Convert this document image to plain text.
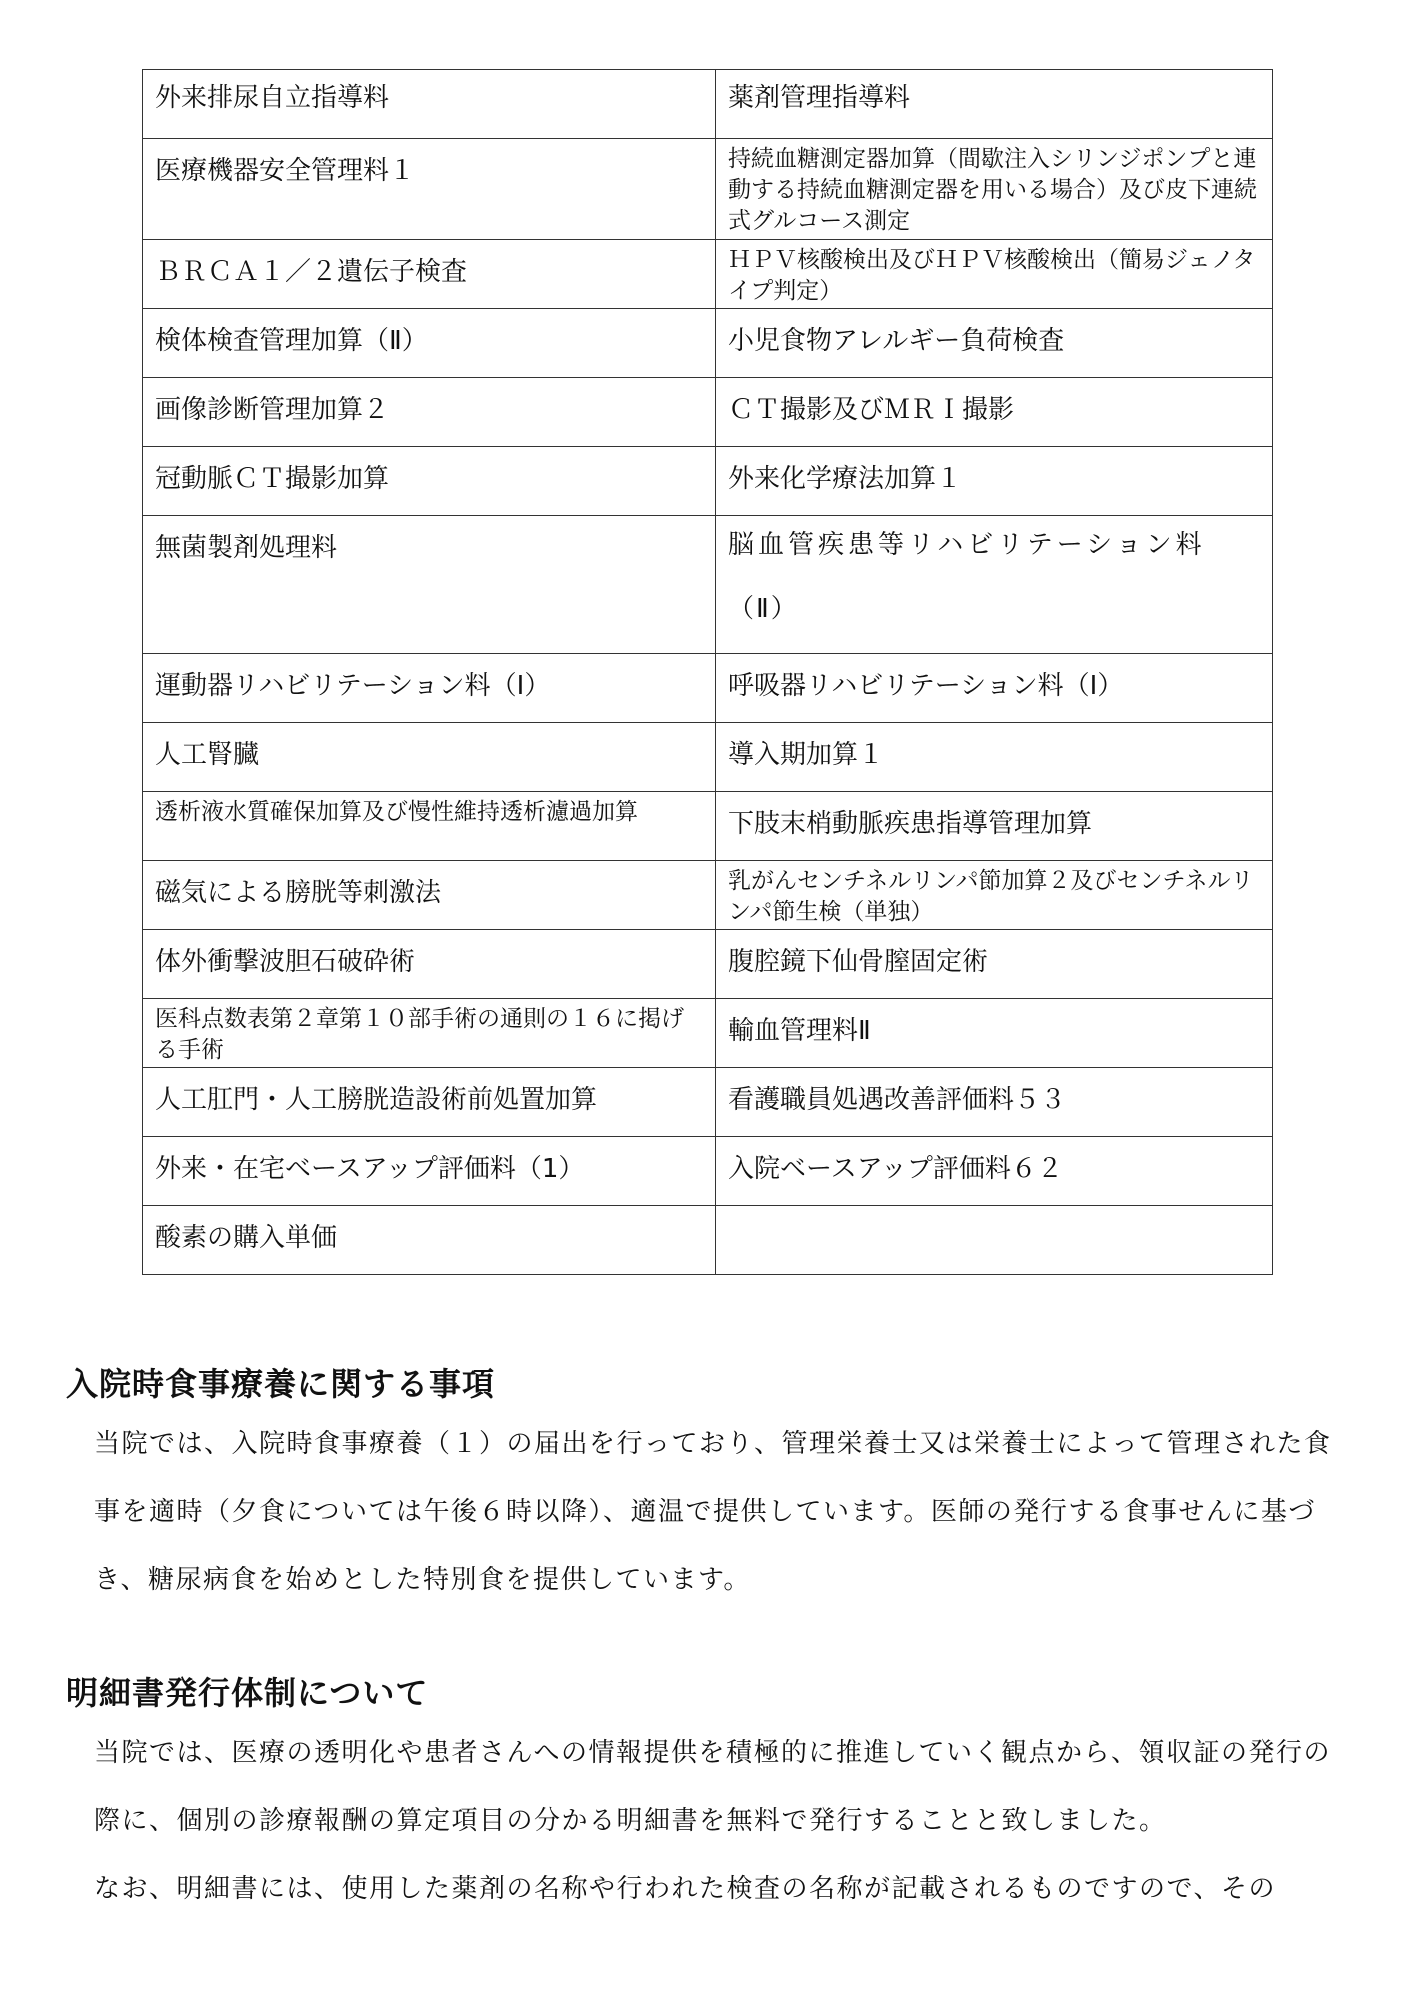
外来排尿自立指導料	薬剤管理指導料
医療機器安全管理料１	持続血糖測定器加算（間歇注入シリンジポンプと連動する持続血糖測定器を用いる場合）及び皮下連続式グルコース測定
ＢＲＣＡ１／２遺伝子検査	ＨＰＶ核酸検出及びＨＰＶ核酸検出（簡易ジェノタイプ判定）
検体検査管理加算（Ⅱ）	小児食物アレルギー負荷検査
画像診断管理加算２	ＣＴ撮影及びＭＲＩ撮影
冠動脈ＣＴ撮影加算	外来化学療法加算１
無菌製剤処理料	脳血管疾患等リハビリテーション料
（Ⅱ）

運動器リハビリテーション料（Ⅰ）	呼吸器リハビリテーション料（Ⅰ）
人工腎臓	導入期加算１
透析液水質確保加算及び慢性維持透析濾過加算	下肢末梢動脈疾患指導管理加算
磁気による膀胱等刺激法	乳がんセンチネルリンパ節加算２及びセンチネルリンパ節生検（単独）
体外衝撃波胆石破砕術	腹腔鏡下仙骨膣固定術
医科点数表第２章第１０部手術の通則の１６に掲げる手術	輸血管理料Ⅱ
人工肛門・人工膀胱造設術前処置加算	看護職員処遇改善評価料５３
外来・在宅ベースアップ評価料（1）	入院ベースアップ評価料６２
酸素の購入単価	
入院時食事療養に関する事項

当院では、入院時食事療養（１）の届出を行っており、管理栄養士又は栄養士によって管理された食事を適時（夕食については午後６時以降）、適温で提供しています。医師の発行する食事せんに基づき、糖尿病食を始めとした特別食を提供しています。

明細書発行体制について

当院では、医療の透明化や患者さんへの情報提供を積極的に推進していく観点から、領収証の発行の際に、個別の診療報酬の算定項目の分かる明細書を無料で発行することと致しました。

なお、明細書には、使用した薬剤の名称や行われた検査の名称が記載されるものですので、その
